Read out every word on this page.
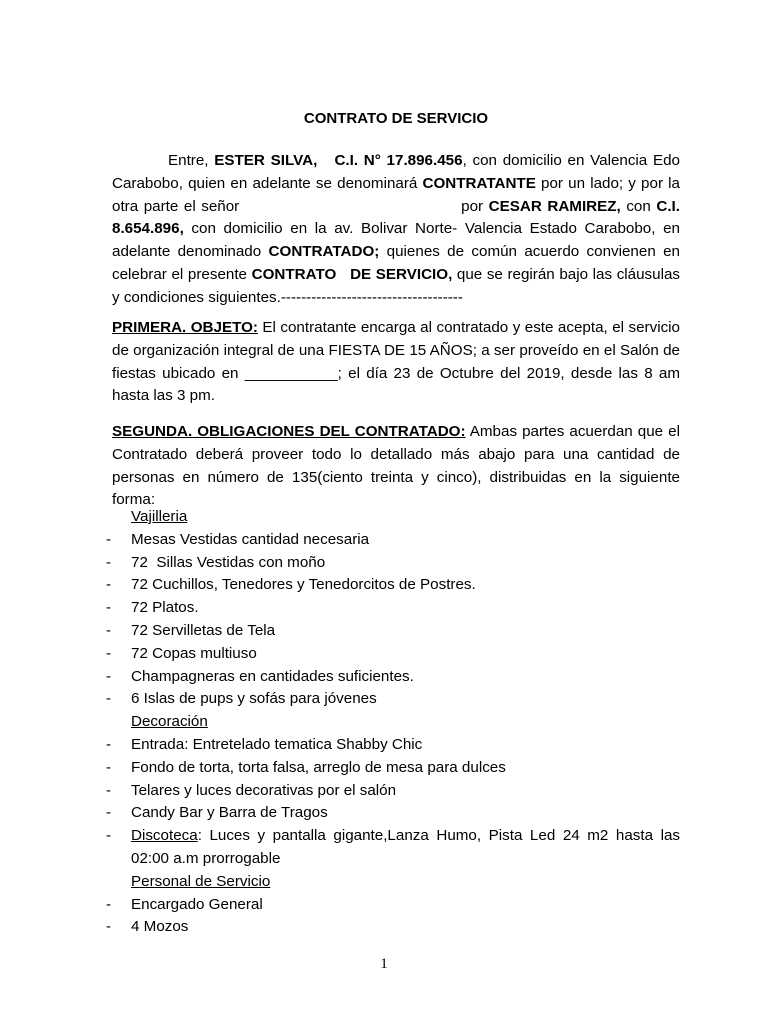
CONTRATO DE SERVICIO

Entre, ESTER SILVA, C.I. N° 17.896.456, con domicilio en Valencia Edo Carabobo, quien en adelante se denominará CONTRATANTE por un lado; y por la otra parte el señor                                        por CESAR RAMIREZ, con C.I. 8.654.896, con domicilio en la av. Bolivar Norte- Valencia Estado Carabobo, en adelante denominado CONTRATADO; quienes de común acuerdo convienen en celebrar el presente CONTRATO   DE SERVICIO, que se regirán bajo las cláusulas y condiciones siguientes.------------------------------------

PRIMERA. OBJETO: El contratante encarga al contratado y este acepta, el servicio de organización integral de una FIESTA DE 15 AÑOS; a ser proveído en el Salón de fiestas ubicado en ___________; el día 23 de Octubre del 2019, desde las 8 am hasta las 3 pm.

SEGUNDA. OBLIGACIONES DEL CONTRATADO: Ambas partes acuerdan que el Contratado deberá proveer todo lo detallado más abajo para una cantidad de personas en número de 135(ciento treinta y cinco), distribuidas en la siguiente forma:

Vajilleria
- Mesas Vestidas cantidad necesaria
- 72  Sillas Vestidas con moño
- 72 Cuchillos, Tenedores y Tenedorcitos de Postres.
- 72 Platos.
- 72 Servilletas de Tela
- 72 Copas multiuso
- Champagneras en cantidades suficientes.
- 6 Islas de pups y sofás para jóvenes
Decoración
- Entrada: Entretelado tematica Shabby Chic
- Fondo de torta, torta falsa, arreglo de mesa para dulces
- Telares y luces decorativas por el salón
- Candy Bar y Barra de Tragos
- Discoteca: Luces y pantalla gigante,Lanza Humo, Pista Led 24 m2 hasta las 02:00 a.m prorrogable
Personal de Servicio
- Encargado General
- 4 Mozos
1
